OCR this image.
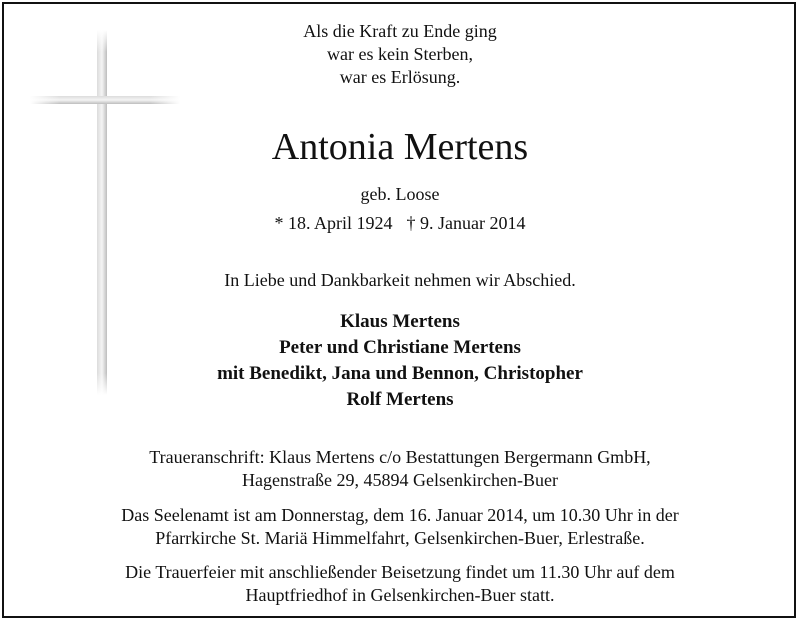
Als die Kraft zu Ende ging
war es kein Sterben,
war es Erlösung.
Antonia Mertens
geb. Loose
* 18. April 1924 † 9. Januar 2014
In Liebe und Dankbarkeit nehmen wir Abschied.
Klaus Mertens
Peter und Christiane Mertens
mit Benedikt, Jana und Bennon, Christopher
Rolf Mertens
Traueranschrift: Klaus Mertens c/o Bestattungen Bergermann GmbH,
Hagenstraße 29, 45894 Gelsenkirchen-Buer
Das Seelenamt ist am Donnerstag, dem 16. Januar 2014, um 10.30 Uhr in der
Pfarrkirche St. Mariä Himmelfahrt, Gelsenkirchen-Buer, Erlestraße.
Die Trauerfeier mit anschließender Beisetzung findet um 11.30 Uhr auf dem
Hauptfriedhof in Gelsenkirchen-Buer statt.
